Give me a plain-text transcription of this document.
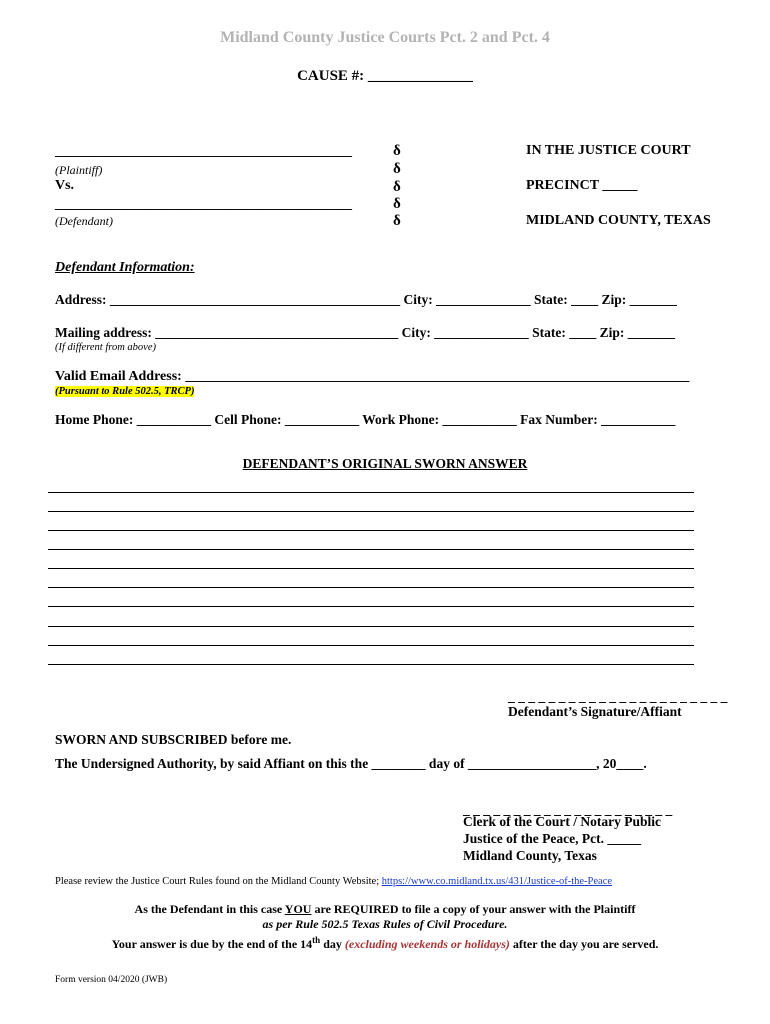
Midland County Justice Courts Pct. 2 and Pct. 4
CAUSE #: ______________
____________________________________________
(Plaintiff)
Vs.
____________________________________________
(Defendant)
δ
δ
δ
δ
δ
IN THE JUSTICE COURT
PRECINCT _____
MIDLAND COUNTY, TEXAS
Defendant Information:
Address: ___________________________________________ City: ______________ State: ____ Zip: _______
Mailing address: ____________________________________ City: ______________ State: ____ Zip: _______
(If different from above)
Valid Email Address: ________________________________________________________________________
(Pursuant to Rule 502.5, TRCP)
Home Phone: ___________ Cell Phone: ___________ Work Phone: ___________ Fax Number: ___________
DEFENDANT’S ORIGINAL SWORN ANSWER
_ _ _ _ _ _ _ _ _ _ _ _ _ _ _ _ _ _ _ _ _ _
Defendant’s Signature/Affiant
SWORN AND SUBSCRIBED before me.
The Undersigned Authority, by said Affiant on this the ________ day of ___________________, 20____.
_ _ _ _ _ _ _ _ _ _ _ _ _ _ _ _ _ _ _ _ _
Clerk of the Court / Notary Public
Justice of the Peace, Pct. _____
Midland County, Texas
Please review the Justice Court Rules found on the Midland County Website; https://www.co.midland.tx.us/431/Justice-of-the-Peace
As the Defendant in this case YOU are REQUIRED to file a copy of your answer with the Plaintiff
as per Rule 502.5 Texas Rules of Civil Procedure.
Your answer is due by the end of the 14th day (excluding weekends or holidays) after the day you are served.
Form version 04/2020 (JWB)
